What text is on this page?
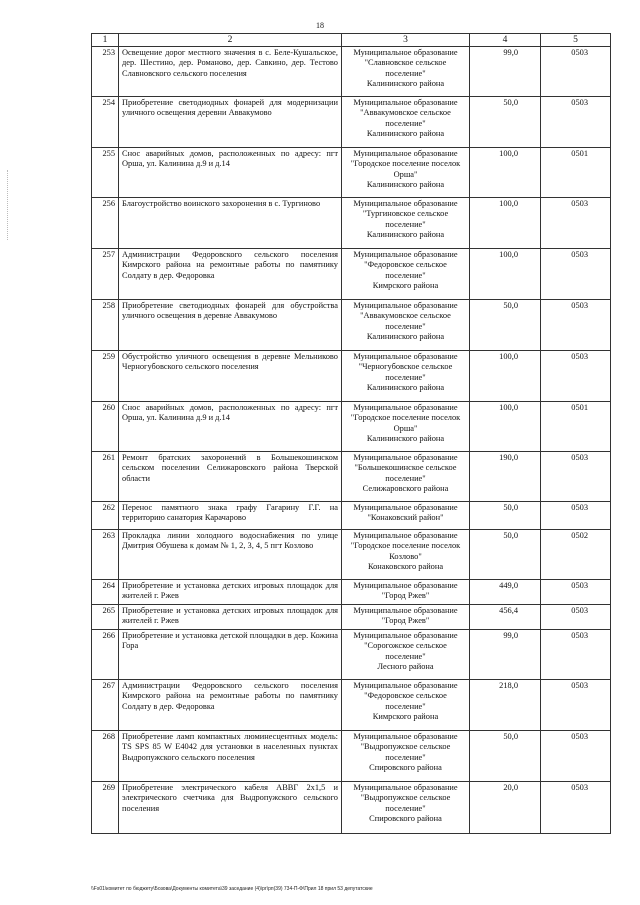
18
1	2	3	4	5
253	Освещение дорог местного значения в с. Беле-Кушальское, дер. Шестино, дер. Романово, дер. Савкино, дер. Тестово Славновского сельского поселения	Муниципальное образование
"Славновское сельское
поселение"
Калининского района	99,0	0503
254	Приобретение светодиодных фонарей для модернизации уличного освещения деревни Аввакумово	Муниципальное образование
"Аввакумовское сельское
поселение"
Калининского района	50,0	0503
255	Снос аварийных домов, расположенных по адресу: пгт Орша, ул. Калинина д.9 и д.14	Муниципальное образование
"Городское поселение поселок
Орша"
Калининского района	100,0	0501
256	Благоустройство воинского захоронения в с. Тургиново	Муниципальное образование
"Тургиновское сельское
поселение"
Калининского района	100,0	0503
257	Администрации Федоровского сельского поселения Кимрского района на ремонтные работы по памятнику Солдату в дер. Федоровка	Муниципальное образование
"Федоровское сельское
поселение"
Кимрского района	100,0	0503
258	Приобретение светодиодных фонарей для обустройства уличного освещения в деревне Аввакумово	Муниципальное образование
"Аввакумовское сельское
поселение"
Калининского района	50,0	0503
259	Обустройство уличного освещения в деревне Мельниково Черногубовского сельского поселения	Муниципальное образование
"Черногубовское сельское
поселение"
Калининского района	100,0	0503
260	Снос аварийных домов, расположенных по адресу: пгт Орша, ул. Калинина д.9 и д.14	Муниципальное образование
"Городское поселение поселок
Орша"
Калининского района	100,0	0501
261	Ремонт братских захоронений в Большекошинском сельском поселении Селижаровского района Тверской области	Муниципальное образование
"Большекошинское сельское
поселение"
Селижаровского района	190,0	0503
262	Перенос памятного знака графу Гагарину Г.Г. на территорию санатория Карачарово	Муниципальное образование
"Конаковский район"	50,0	0503
263	Прокладка линии холодного водоснабжения по улице Дмитрия Обушева к домам № 1, 2, 3, 4, 5 пгт Козлово	Муниципальное образование
"Городское поселение поселок
Козлово"
Конаковского района	50,0	0502
264	Приобретение и установка детских игровых площадок для жителей г. Ржев	Муниципальное образование
"Город Ржев"	449,0	0503
265	Приобретение и установка детских игровых площадок для жителей г. Ржев	Муниципальное образование
"Город Ржев"	456,4	0503
266	Приобретение и установка детской площадки в дер. Кожина Гора	Муниципальное образование
"Сорогожское сельское
поселение"
Лесного района	99,0	0503
267	Администрации Федоровского сельского поселения Кимрского района на ремонтные работы по памятнику Солдату в дер. Федоровка	Муниципальное образование
"Федоровское сельское
поселение"
Кимрского района	218,0	0503
268	Приобретение ламп компактных люминесцентных модель: TS SPS 85 W E4042 для установки в населенных пунктах Выдропужского сельского поселения	Муниципальное образование
"Выдропужское сельское
поселение"
Спировского района	50,0	0503
269	Приобретение электрического кабеля АВВГ 2х1,5 и электрического счетчика для Выдропужского сельского поселения	Муниципальное образование
"Выдропужское сельское
поселение"
Спировского района	20,0	0503
\\Fs01\комитет по бюджету\Бозова\Документы комитета\39 заседание (4)\рг\рп(39) 734-П-Ф\Прил 18 прил 53 депутатские
